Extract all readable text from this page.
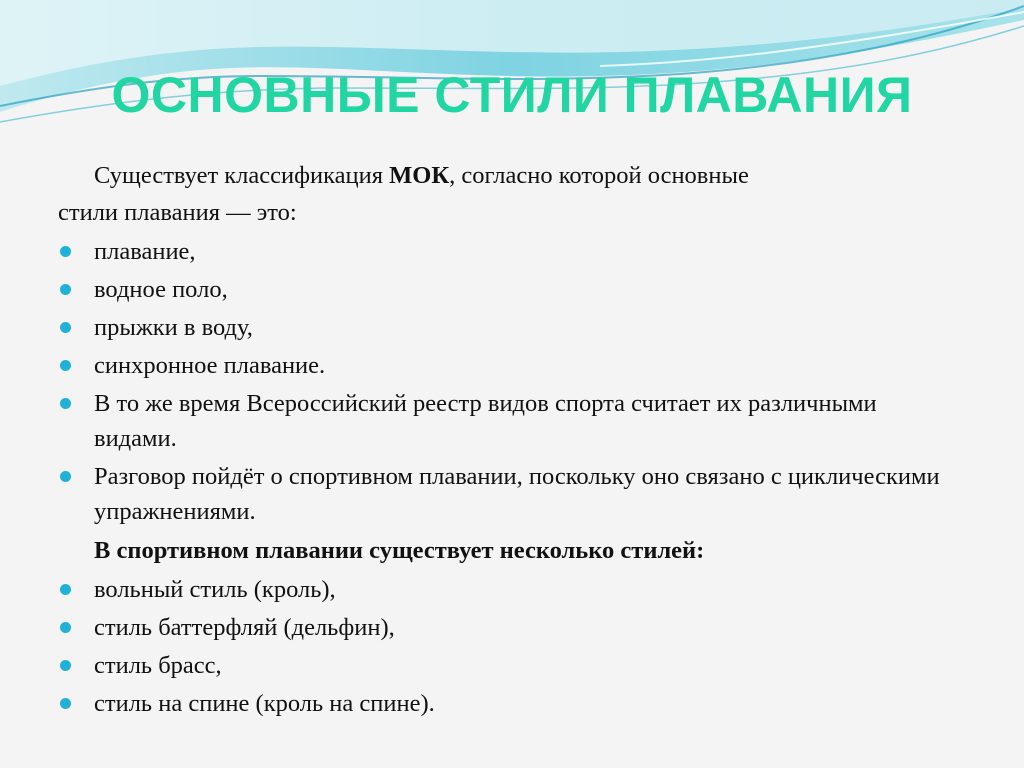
ОСНОВНЫЕ СТИЛИ ПЛАВАНИЯ

Существует классификация МОК, согласно которой основные

стили плавания — это:

плавание,
водное поло,
прыжки в воду,
синхронное плавание.
В то же время Всероссийский реестр видов спорта считает их различными видами.
Разговор пойдёт о спортивном плавании, поскольку оно связано с циклическими упражнениями.

В спортивном плавании существует несколько стилей:

вольный стиль (кроль),
стиль баттерфляй (дельфин),
стиль брасс,
стиль на спине (кроль на спине).
